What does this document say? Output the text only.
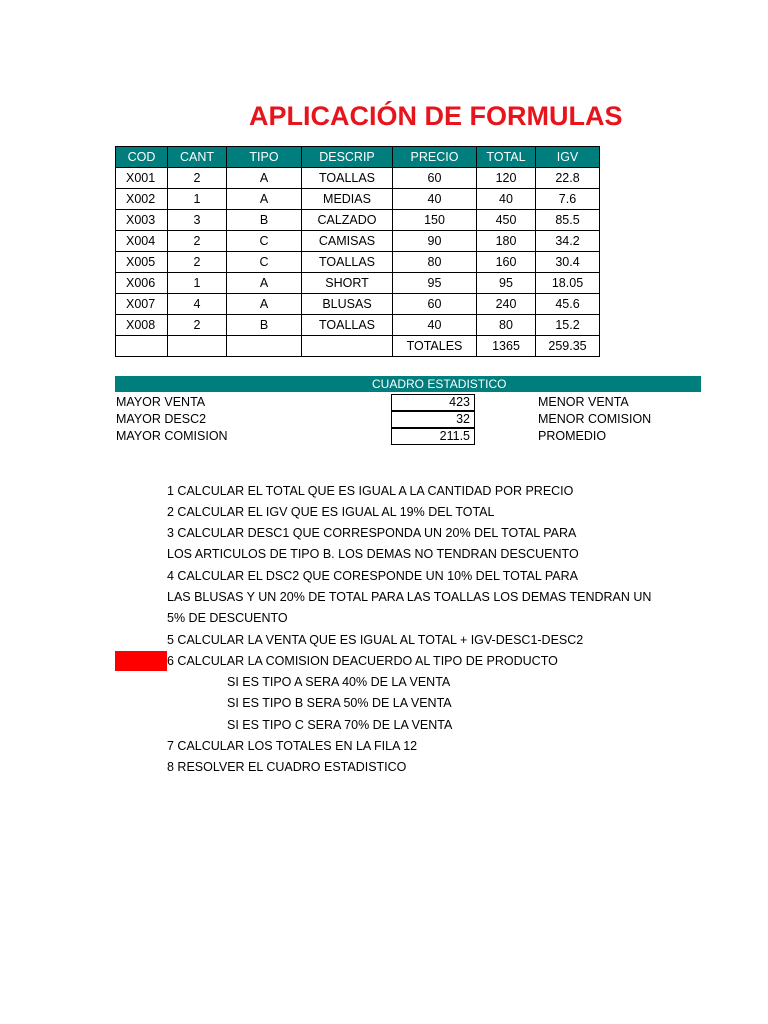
APLICACIÓN DE FORMULAS
COD	CANT	TIPO	DESCRIP	PRECIO	TOTAL	IGV
X001	2	A	TOALLAS	60	120	22.8
X002	1	A	MEDIAS	40	40	7.6
X003	3	B	CALZADO	150	450	85.5
X004	2	C	CAMISAS	90	180	34.2
X005	2	C	TOALLAS	80	160	30.4
X006	1	A	SHORT	95	95	18.05
X007	4	A	BLUSAS	60	240	45.6
X008	2	B	TOALLAS	40	80	15.2
				TOTALES	1365	259.35
CUADRO ESTADISTICO
MAYOR VENTA	423	MENOR VENTA
MAYOR DESC2	32	MENOR COMISION
MAYOR COMISION	211.5	PROMEDIO
1 CALCULAR EL TOTAL QUE ES IGUAL A LA CANTIDAD POR PRECIO
2 CALCULAR EL IGV QUE ES IGUAL AL 19% DEL TOTAL
3 CALCULAR DESC1 QUE CORRESPONDA UN 20% DEL TOTAL PARA
LOS ARTICULOS DE TIPO B. LOS DEMAS NO TENDRAN DESCUENTO
4 CALCULAR EL DSC2 QUE CORESPONDE UN 10% DEL TOTAL PARA
LAS BLUSAS Y UN 20% DE TOTAL PARA LAS TOALLAS LOS DEMAS TENDRAN UN
5% DE DESCUENTO
5 CALCULAR LA VENTA QUE ES IGUAL AL TOTAL + IGV-DESC1-DESC2
6 CALCULAR LA COMISION DEACUERDO AL TIPO DE PRODUCTO
SI ES TIPO A SERA 40% DE LA VENTA
SI ES TIPO B SERA 50% DE LA VENTA
SI ES TIPO C SERA 70% DE LA VENTA
7 CALCULAR LOS TOTALES EN LA FILA 12
8 RESOLVER EL CUADRO ESTADISTICO
